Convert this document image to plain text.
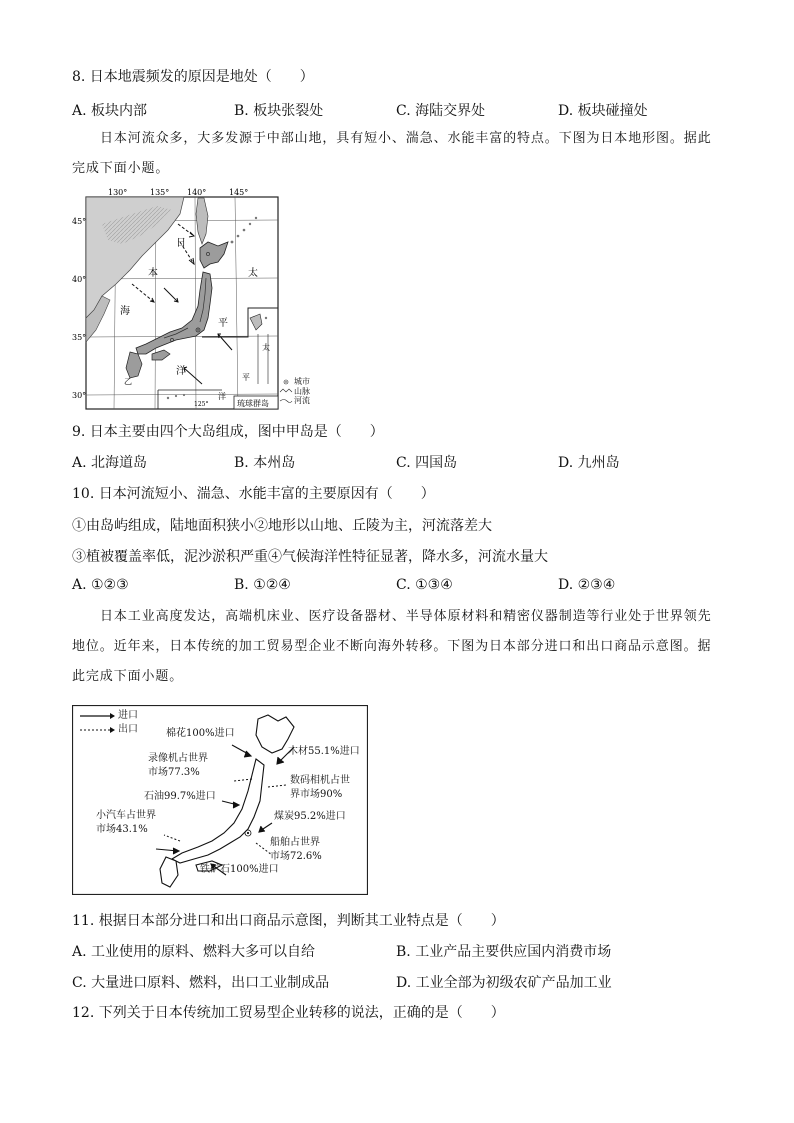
8. 日本地震频发的原因是地处（　　）
A. 板块内部	B. 板块张裂处	C. 海陆交界处	D. 板块碰撞处
日本河流众多，大多发源于中部山地，具有短小、湍急、水能丰富的特点。下图为日本地形图。据此
完成下面小题。
130°	135° 140°	145°
45°
40°
35°
30°
乙
日
本
海
太
平
洋
太
平
洋
125°	琉球群岛
城市
山脉
河流
9. 日本主要由四个大岛组成，图中甲岛是（　　）
A. 北海道岛	B. 本州岛	C. 四国岛	D. 九州岛
10. 日本河流短小、湍急、水能丰富的主要原因有（　　）
①由岛屿组成，陆地面积狭小②地形以山地、丘陵为主，河流落差大
③植被覆盖率低，泥沙淤积严重④气候海洋性特征显著，降水多，河流水量大
A. ①②③	B. ①②④	C. ①③④	D. ②③④
日本工业高度发达，高端机床业、医疗设备器材、半导体原材料和精密仪器制造等行业处于世界领先
地位。近年来，日本传统的加工贸易型企业不断向海外转移。下图为日本部分进口和出口商品示意图。据
此完成下面小题。
进口
出口	棉花100%进口
录像机占世界
市场77.3%
木材55.1%进口
石油99.7%进口
数码相机占世
界市场90%
小汽车占世界
市场43.1%
煤炭95.2%进口
船舶占世界
市场72.6%
铁矿石100%进口
11. 根据日本部分进口和出口商品示意图，判断其工业特点是（　　）
A. 工业使用的原料、燃料大多可以自给	B. 工业产品主要供应国内消费市场
C. 大量进口原料、燃料，出口工业制成品	D. 工业全部为初级农矿产品加工业
12. 下列关于日本传统加工贸易型企业转移的说法，正确的是（　　）
